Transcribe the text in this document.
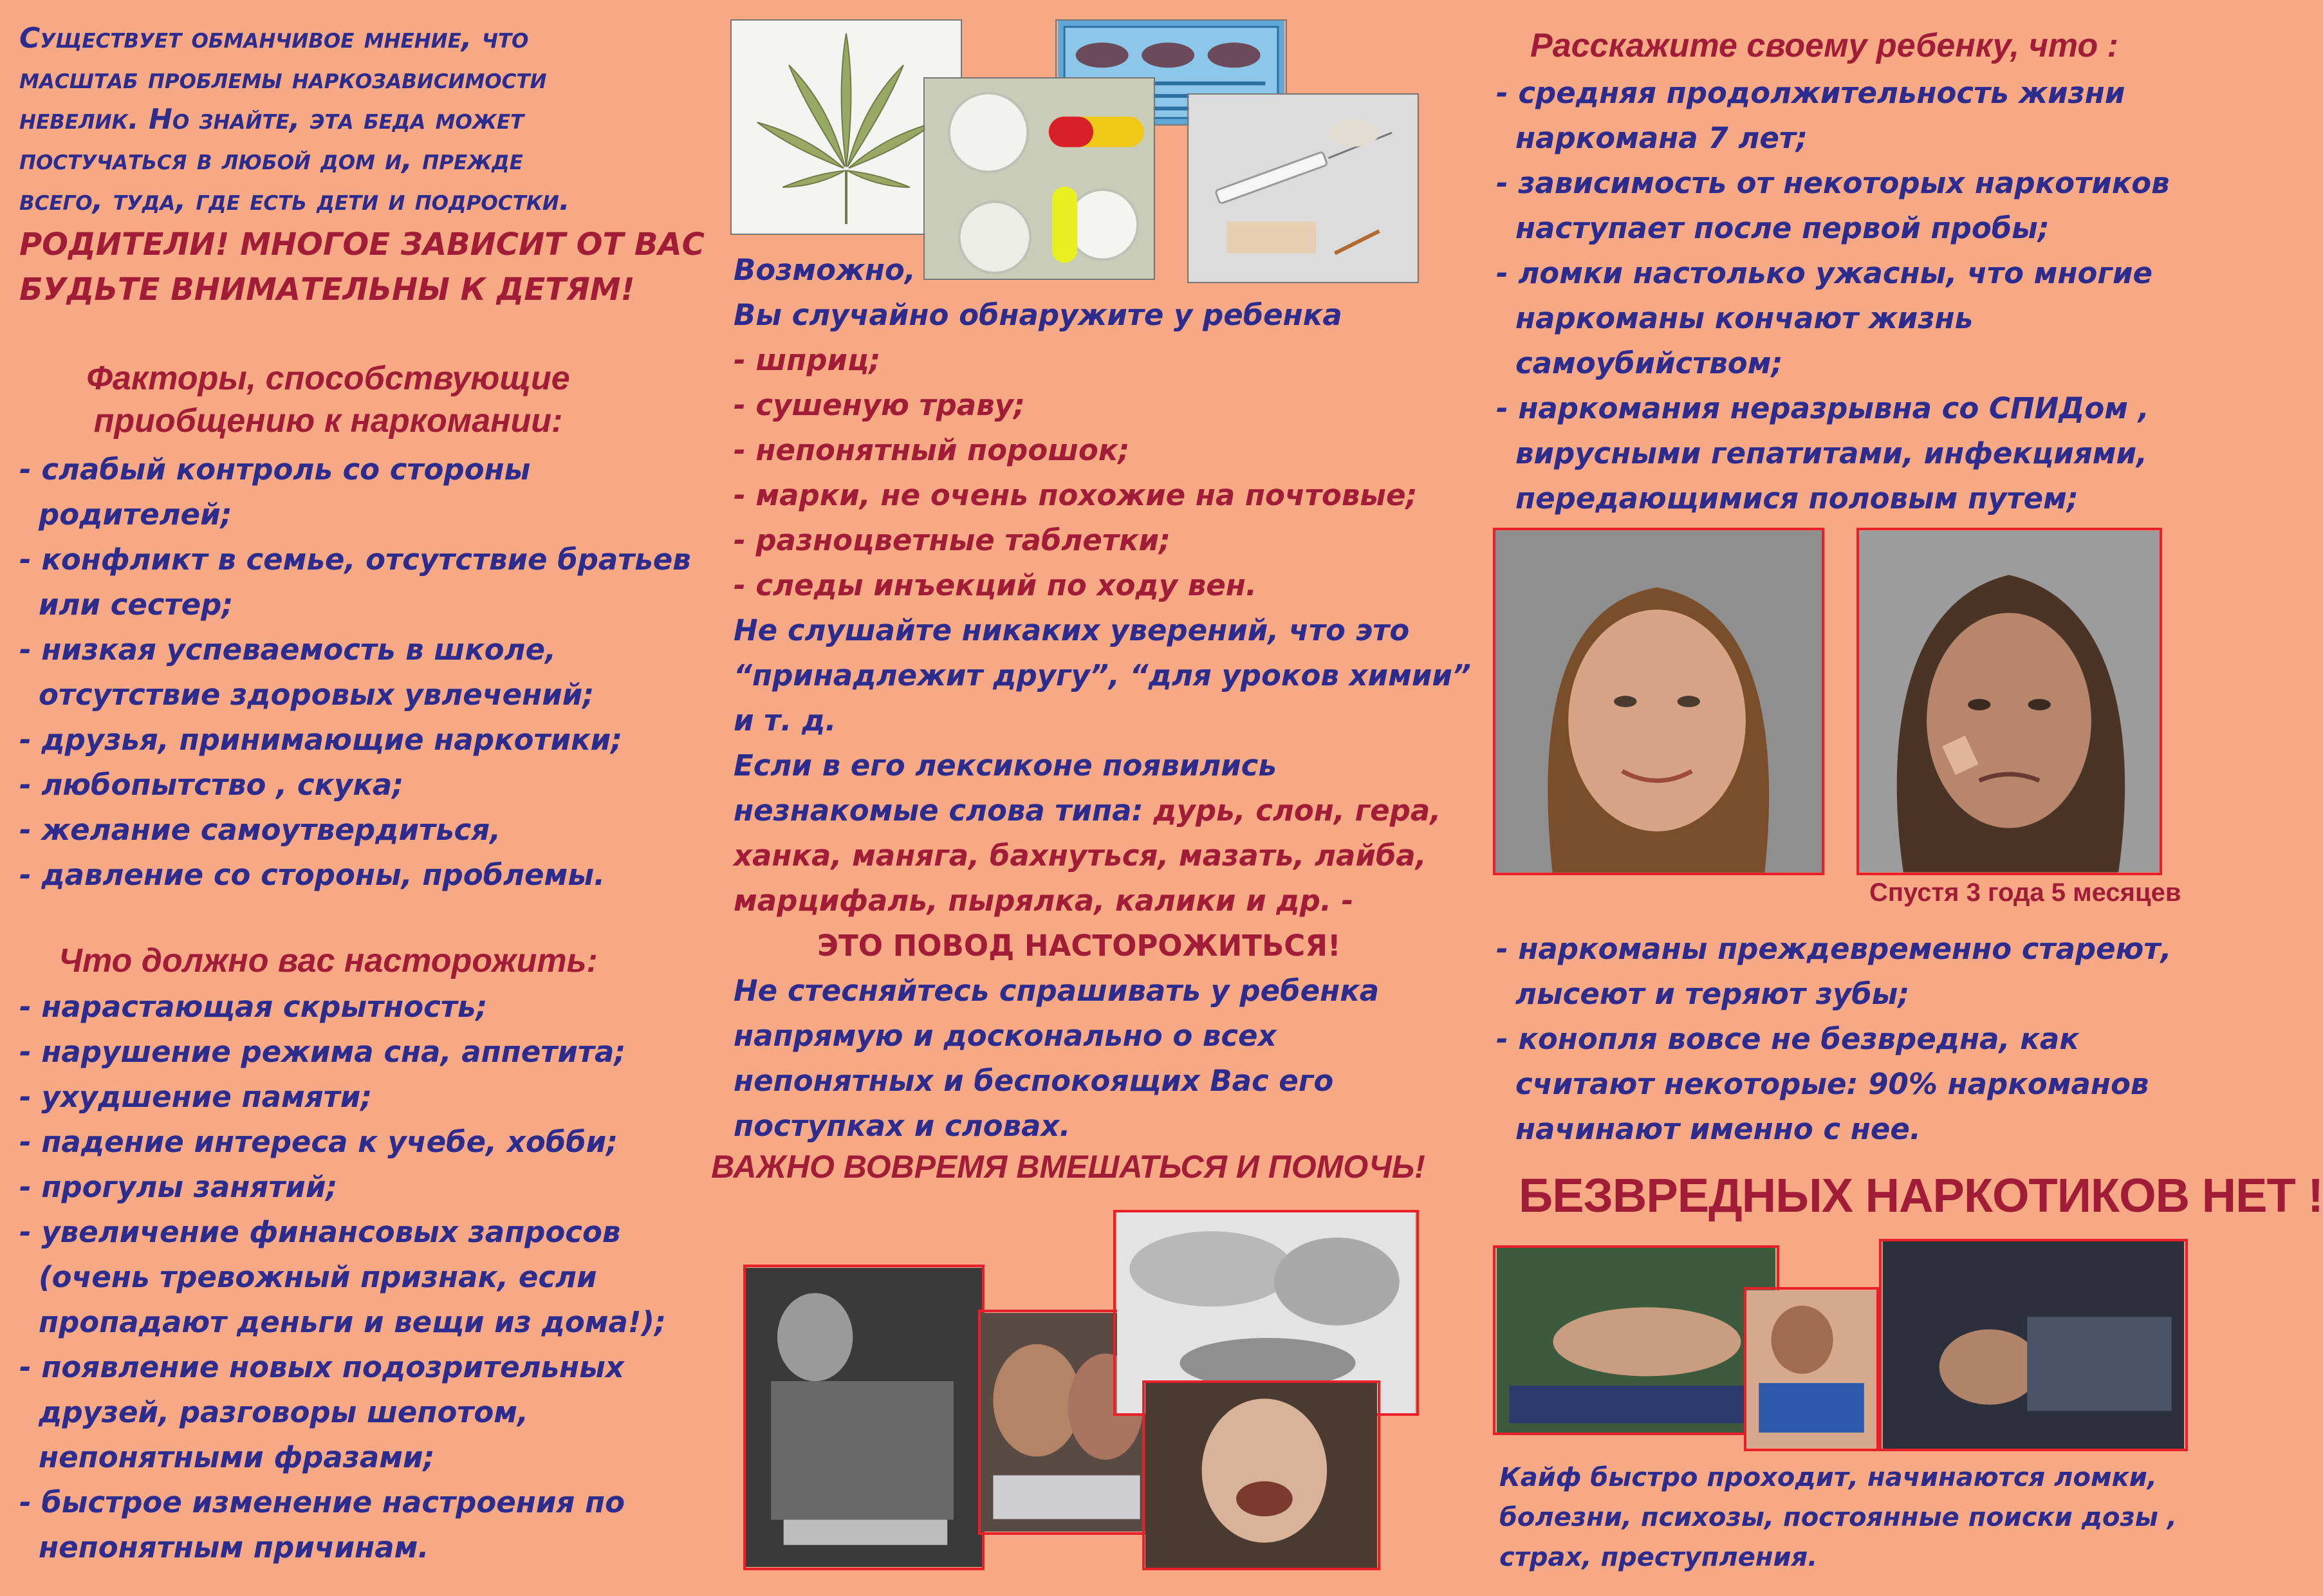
Существует обманчивое мнение, что
масштаб проблемы наркозависимости
невелик. Но знайте, эта беда может
постучаться в любой дом и, прежде
всего, туда, где есть дети и подростки.
РОДИТЕЛИ! МНОГОЕ ЗАВИСИТ ОТ ВАС
БУДЬТЕ ВНИМАТЕЛЬНЫ К ДЕТЯМ!
Факторы, способствующие
приобщению к наркомании:
- слабый контроль со стороны
родителей;
- конфликт в семье, отсутствие братьев
или сестер;
- низкая успеваемость в школе,
отсутствие здоровых увлечений;
- друзья, принимающие наркотики;
- любопытство , скука;
- желание самоутвердиться,
- давление со стороны, проблемы.
Что должно вас насторожить:
- нарастающая скрытность;
- нарушение режима сна, аппетита;
- ухудшение памяти;
- падение интереса к учебе, хобби;
- прогулы занятий;
- увеличение финансовых запросов
(очень тревожный признак, если
пропадают деньги и вещи из дома!);
- появление новых подозрительных
друзей, разговоры шепотом,
непонятными фразами;
- быстрое изменение настроения по
непонятным причинам.
Возможно,
Вы случайно обнаружите у ребенка
- шприц;
- сушеную траву;
- непонятный порошок;
- марки, не очень похожие на почтовые;
- разноцветные таблетки;
- следы инъекций по ходу вен.
Не слушайте никаких уверений, что это
“принадлежит другу”, “для уроков химии”
и т. д.
Если в его лексиконе появились
незнакомые слова типа: дурь, слон, гера,
ханка, маняга, бахнуться, мазать, лайба,
марцифаль, пырялка, калики и др. -
ЭТО ПОВОД НАСТОРОЖИТЬСЯ!
Не стесняйтесь спрашивать у ребенка
напрямую и досконально о всех
непонятных и беспокоящих Вас его
поступках и словах.
ВАЖНО ВОВРЕМЯ ВМЕШАТЬСЯ И ПОМОЧЬ!
Расскажите своему ребенку, что :
- средняя продолжительность жизни
наркомана 7 лет;
- зависимость от некоторых наркотиков
наступает после первой пробы;
- ломки настолько ужасны, что многие
наркоманы кончают жизнь
самоубийством;
- наркомания неразрывна со СПИДом ,
вирусными гепатитами, инфекциями,
передающимися половым путем;
Спустя 3 года 5 месяцев
- наркоманы преждевременно стареют,
лысеют и теряют зубы;
- конопля вовсе не безвредна, как
считают некоторые: 90% наркоманов
начинают именно с нее.
БЕЗВРЕДНЫХ НАРКОТИКОВ НЕТ !
Кайф быстро проходит, начинаются ломки,
болезни, психозы, постоянные поиски дозы ,
страх, преступления.
